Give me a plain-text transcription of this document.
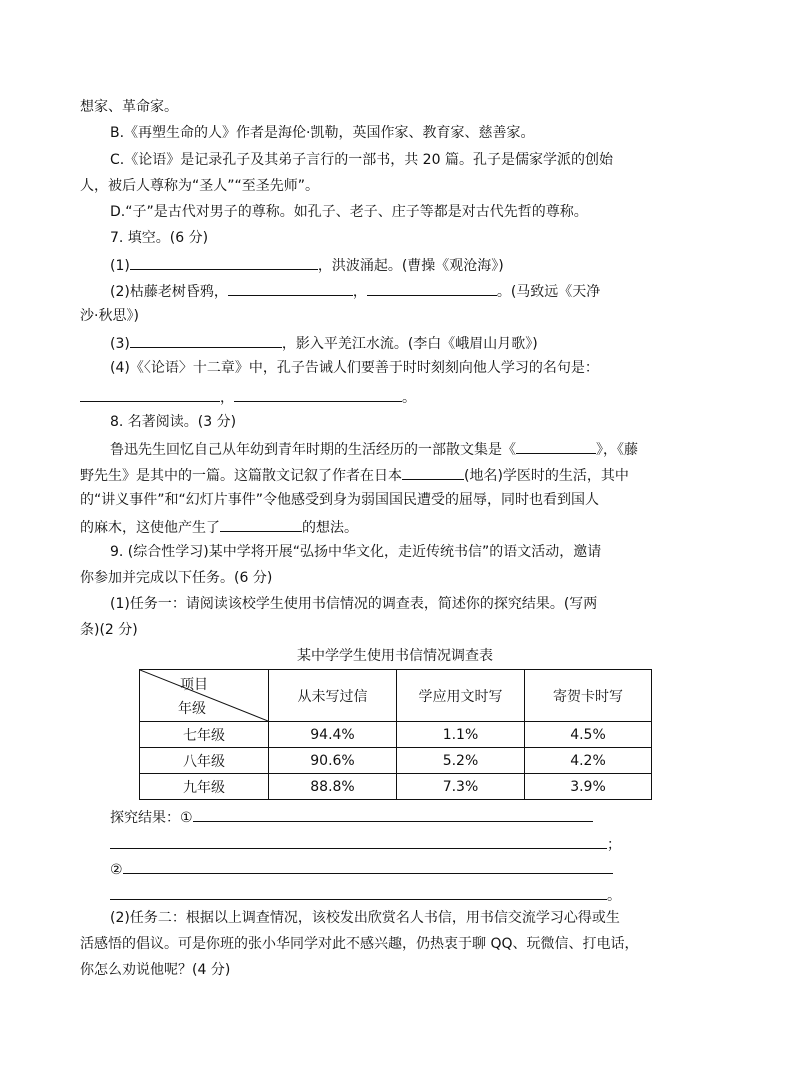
想家、革命家。
B.《再塑生命的人》作者是海伦·凯勒，英国作家、教育家、慈善家。
C.《论语》是记录孔子及其弟子言行的一部书，共 20 篇。孔子是儒家学派的创始
人，被后人尊称为“圣人”“至圣先师”。
D.“子”是古代对男子的尊称。如孔子、老子、庄子等都是对古代先哲的尊称。
7. 填空。(6 分)
(1)	，洪波涌起。(曹操《观沧海》)
(2)枯藤老树昏鸦，	，	。(马致远《天净
沙·秋思》)
(3)	，影入平羌江水流。(李白《峨眉山月歌》)
(4)《〈论语〉十二章》中，孔子告诫人们要善于时时刻刻向他人学习的名句是：
，	。
8. 名著阅读。(3 分)
鲁迅先生回忆自己从年幼到青年时期的生活经历的一部散文集是《	》，《藤
野先生》是其中的一篇。这篇散文记叙了作者在日本	(地名)学医时的生活，其中
的“讲义事件”和“幻灯片事件”令他感受到身为弱国国民遭受的屈辱，同时也看到国人
的麻木，这使他产生了	的想法。
9. (综合性学习)某中学将开展“弘扬中华文化，走近传统书信”的语文活动，邀请
你参加并完成以下任务。(6 分)
(1)任务一：请阅读该校学生使用书信情况的调查表，简述你的探究结果。(写两
条)(2 分)
某中学学生使用书信情况调查表
项目
年级	从未写过信	学应用文时写	寄贺卡时写
七年级	94.4%	1.1%	4.5%
八年级	90.6%	5.2%	4.2%
九年级	88.8%	7.3%	3.9%
探究结果：①
；
②
。
(2)任务二：根据以上调查情况，该校发出欣赏名人书信，用书信交流学习心得或生
活感悟的倡议。可是你班的张小华同学对此不感兴趣，仍热衷于聊 QQ、玩微信、打电话，
你怎么劝说他呢？(4 分)
